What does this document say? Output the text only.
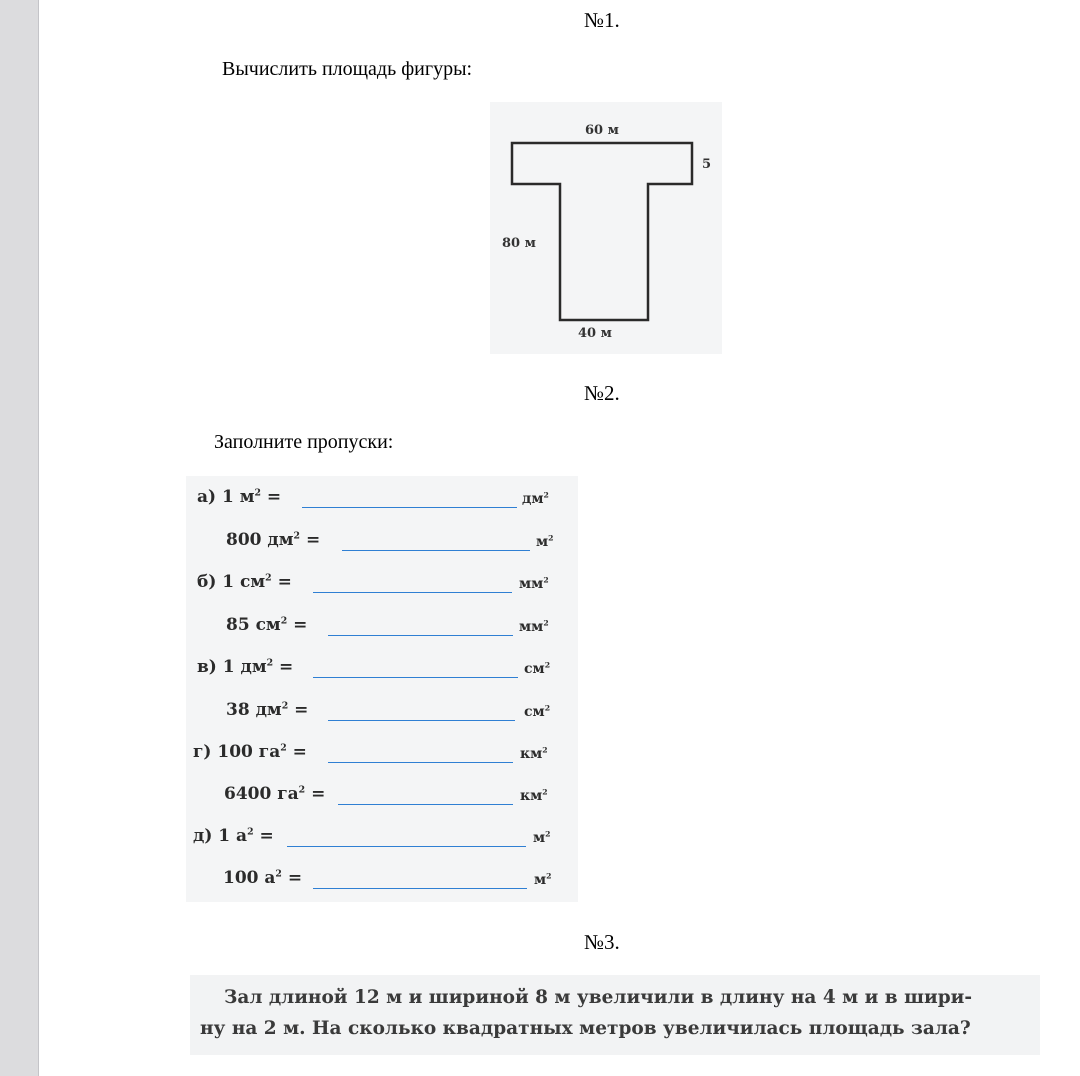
№1.
Вычислить площадь фигуры:
60 м
5
80 м
40 м
№2.
Заполните пропуски:
а) 1 $м^2$ =	$дм^2$
800 $дм^2$ =	$м^2$
б) 1 $см^2$ =	$мм^2$
85 $см^2$ =	$мм^2$
в) 1 $дм^2$ =	$см^2$
38 $дм^2$ =	$см^2$
г) 100 $га^2$ =	$км^2$
6400 $га^2$ =	$км^2$
д) 1 $а^2$ =	$м^2$
100 $а^2$ =	$м^2$
№3.
Зал длиной 12 м и шириной 8 м увеличили в длину на 4 м и в шири-
ну на 2 м. На сколько квадратных метров увеличилась площадь зала?
